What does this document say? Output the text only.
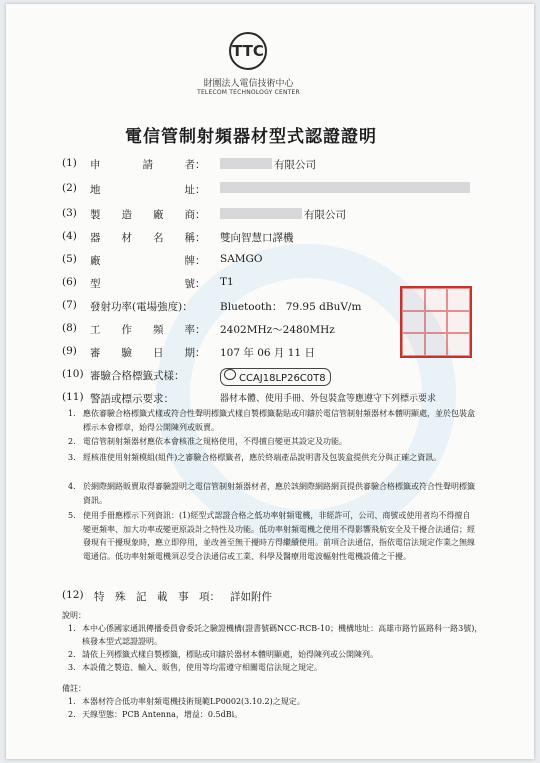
TTC
財團法人電信技術中心
TELECOM TECHNOLOGY CENTER
電信管制射頻器材型式認證證明
(1) 申　　　　請　　　者：	有限公司
(2) 地　　　　　　　　址：
(3) 製　　造　　廠　　商：	有限公司
(4) 器　　材　　名　　稱： 雙向智慧口譯機
(5) 廠　　　　　　　　牌： SAMGO
(6) 型　　　　　　　　號： T1
(7) 發射功率(電場強度)：	Bluetooth： 79.95 dBuV/m
(8) 工　　作　　頻　　率： 2402MHz～2480MHz
(9) 審　　驗　　日　　期： 107 年 06 月 11 日
(10) 審驗合格標籤式樣：	CCAJ18LP26C0T8
(11) 警語或標示要求：	器材本體、使用手冊、外包裝盒等應遵守下列標示要求
1. 應依審驗合格標籤式樣或符合性聲明標籤式樣自製標籤黏貼或印鑄於電信管制射頻器材本體明顯處，並於包裝盒標示本會標章，始得公開陳列或販賣。
2. 電信管制射頻器材應依本會核准之規格使用，不得擅自變更其設定及功能。
3. 經核准使用射頻模組(組件)之審驗合格標籤者，應於終端產品說明書及包裝盒提供充分與正確之資訊。
4. 於網際網路販賣取得審驗證明之電信管制射頻器材者，應於該網際網路網頁提供審驗合格標籤或符合性聲明標籤資訊。
5. 使用手冊應標示下列資訊：(1)經型式認證合格之低功率射頻電機，非經許可，公司、商號或使用者均不得擅自變更頻率、加大功率或變更原設計之特性及功能。低功率射頻電機之使用不得影響飛航安全及干擾合法通信；經發現有干擾現象時，應立即停用，並改善至無干擾時方得繼續使用。前項合法通信，指依電信法規定作業之無線電通信。低功率射頻電機須忍受合法通信或工業、科學及醫療用電波輻射性電機設備之干擾。
(12) 特　殊　記　載　事　項： 詳如附件
說明：
1. 本中心係國家通訊傳播委員會委託之驗證機構(證書號碼NCC-RCB-10；機構地址：高雄市路竹區路科一路3號)，核發本型式認證證明。
2. 請依上列標籤式樣自製標籤，標貼或印鑄於器材本體明顯處，始得陳列或公開陳列。
3. 本設備之製造、輸入、販售，使用等均需遵守相關電信法規之規定。
備註：
1. 本器材符合低功率射頻電機技術規範LP0002(3.10.2)之規定。
2. 天線型態：PCB Antenna，增益：0.5dBi。
